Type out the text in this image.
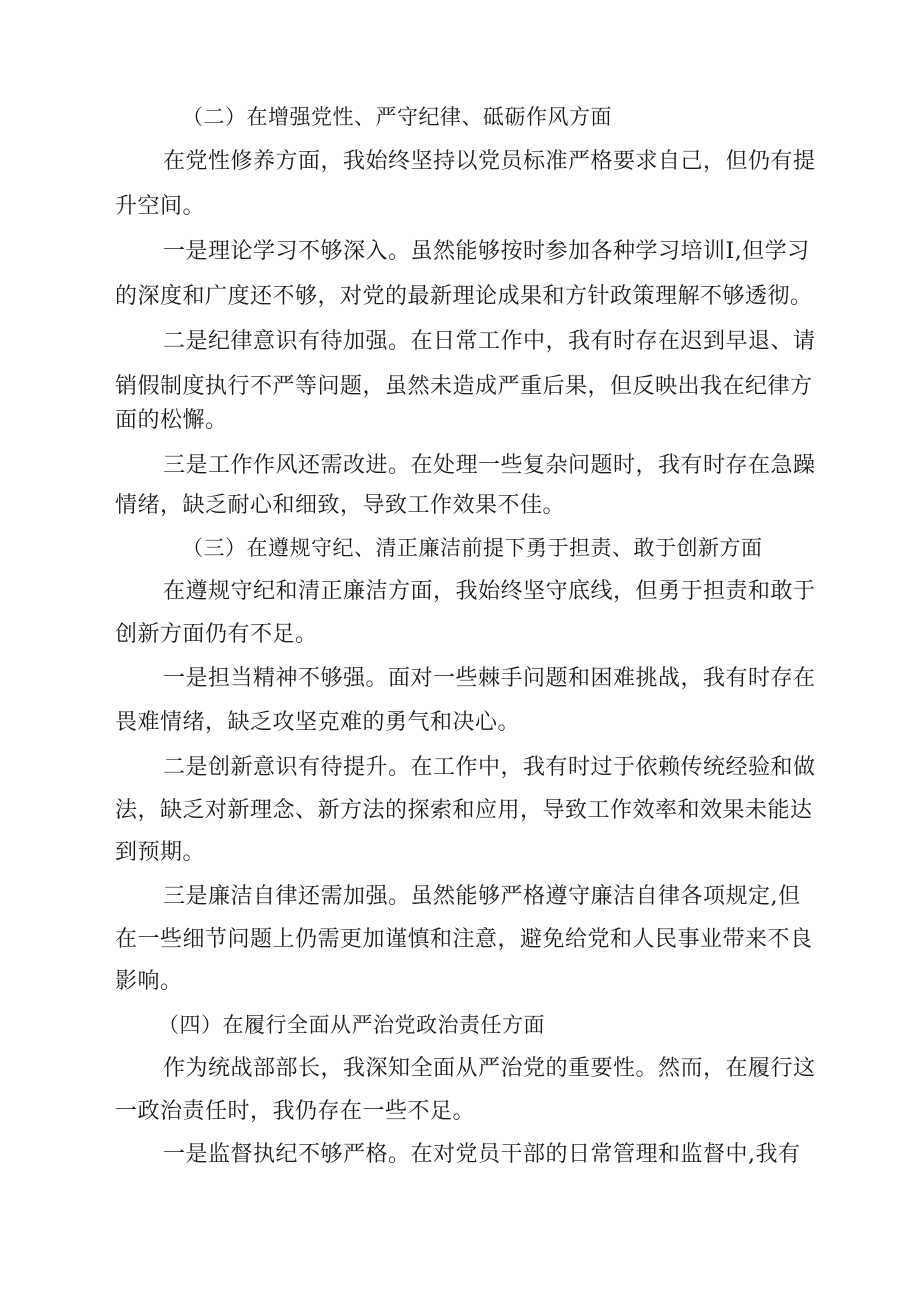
（二）在增强党性、严守纪律、砥砺作风方面
在党性修养方面，我始终坚持以党员标准严格要求自己，但仍有提
升空间。
一是理论学习不够深入。虽然能够按时参加各种学习培训I,但学习
的深度和广度还不够，对党的最新理论成果和方针政策理解不够透彻。
二是纪律意识有待加强。在日常工作中，我有时存在迟到早退、请
销假制度执行不严等问题，虽然未造成严重后果，但反映出我在纪律方
面的松懈。
三是工作作风还需改进。在处理一些复杂问题时，我有时存在急躁
情绪，缺乏耐心和细致，导致工作效果不佳。
（三）在遵规守纪、清正廉洁前提下勇于担责、敢于创新方面
在遵规守纪和清正廉洁方面，我始终坚守底线，但勇于担责和敢于
创新方面仍有不足。
一是担当精神不够强。面对一些棘手问题和困难挑战，我有时存在
畏难情绪，缺乏攻坚克难的勇气和决心。
二是创新意识有待提升。在工作中，我有时过于依赖传统经验和做
法，缺乏对新理念、新方法的探索和应用，导致工作效率和效果未能达
到预期。
三是廉洁自律还需加强。虽然能够严格遵守廉洁自律各项规定,但
在一些细节问题上仍需更加谨慎和注意，避免给党和人民事业带来不良
影响。
（四）在履行全面从严治党政治责任方面
作为统战部部长，我深知全面从严治党的重要性。然而，在履行这
一政治责任时，我仍存在一些不足。
一是监督执纪不够严格。在对党员干部的日常管理和监督中,我有
